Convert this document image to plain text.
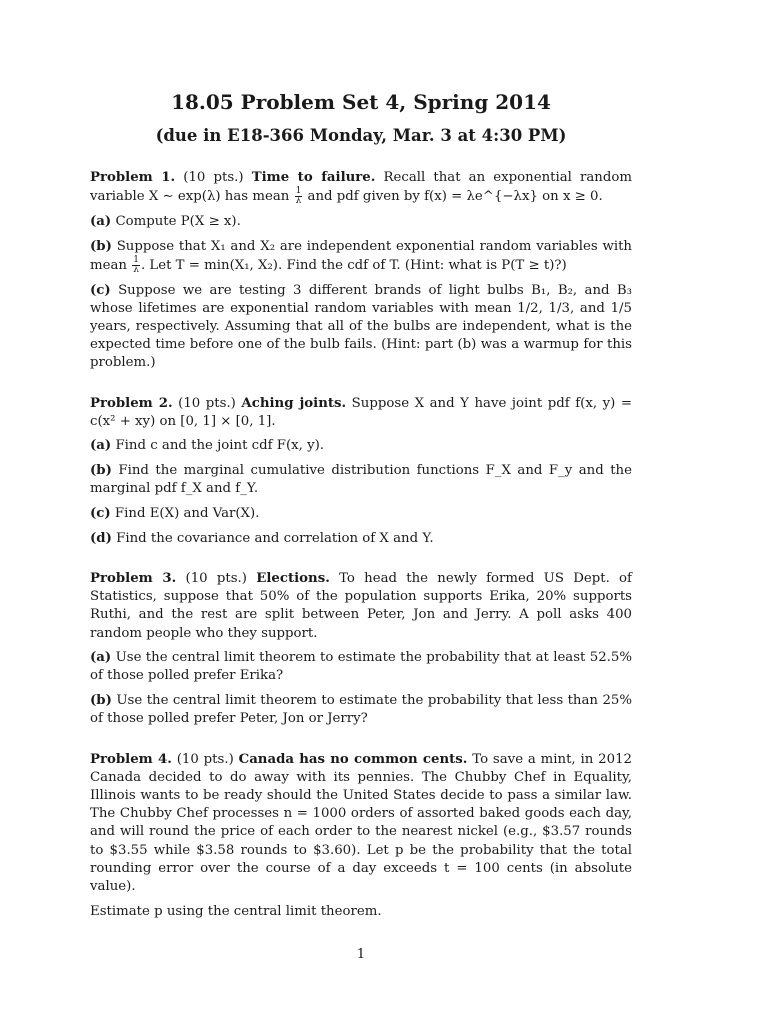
18.05 Problem Set 4, Spring 2014
(due in E18-366 Monday, Mar. 3 at 4:30 PM)

Problem 1. (10 pts.) Time to failure. Recall that an exponential random variable X ∼ exp(λ) has mean $\frac{1}{\lambda}$ and pdf given by f(x) = λe^{−λx} on x ≥ 0.

(a) Compute P(X ≥ x).

(b) Suppose that X₁ and X₂ are independent exponential random variables with mean $\frac{1}{\lambda}$ . Let T = min(X₁, X₂). Find the cdf of T. (Hint: what is P(T ≥ t)?)

(c) Suppose we are testing 3 different brands of light bulbs B₁, B₂, and B₃ whose lifetimes are exponential random variables with mean 1/2, 1/3, and 1/5 years, respectively. Assuming that all of the bulbs are independent, what is the expected time before one of the bulb fails. (Hint: part (b) was a warmup for this problem.)

Problem 2. (10 pts.) Aching joints. Suppose X and Y have joint pdf f(x, y) = c(x² + xy) on [0, 1] × [0, 1].

(a) Find c and the joint cdf F(x, y).

(b) Find the marginal cumulative distribution functions F_X and F_y and the marginal pdf f_X and f_Y.

(c) Find E(X) and Var(X).

(d) Find the covariance and correlation of X and Y.

Problem 3. (10 pts.) Elections. To head the newly formed US Dept. of Statistics, suppose that 50% of the population supports Erika, 20% supports Ruthi, and the rest are split between Peter, Jon and Jerry. A poll asks 400 random people who they support.

(a) Use the central limit theorem to estimate the probability that at least 52.5% of those polled prefer Erika?

(b) Use the central limit theorem to estimate the probability that less than 25% of those polled prefer Peter, Jon or Jerry?

Problem 4. (10 pts.) Canada has no common cents. To save a mint, in 2012 Canada decided to do away with its pennies. The Chubby Chef in Equality, Illinois wants to be ready should the United States decide to pass a similar law. The Chubby Chef processes n = 1000 orders of assorted baked goods each day, and will round the price of each order to the nearest nickel (e.g., $3.57 rounds to $3.55 while $3.58 rounds to $3.60). Let p be the probability that the total rounding error over the course of a day exceeds t = 100 cents (in absolute value).

Estimate p using the central limit theorem.

1
